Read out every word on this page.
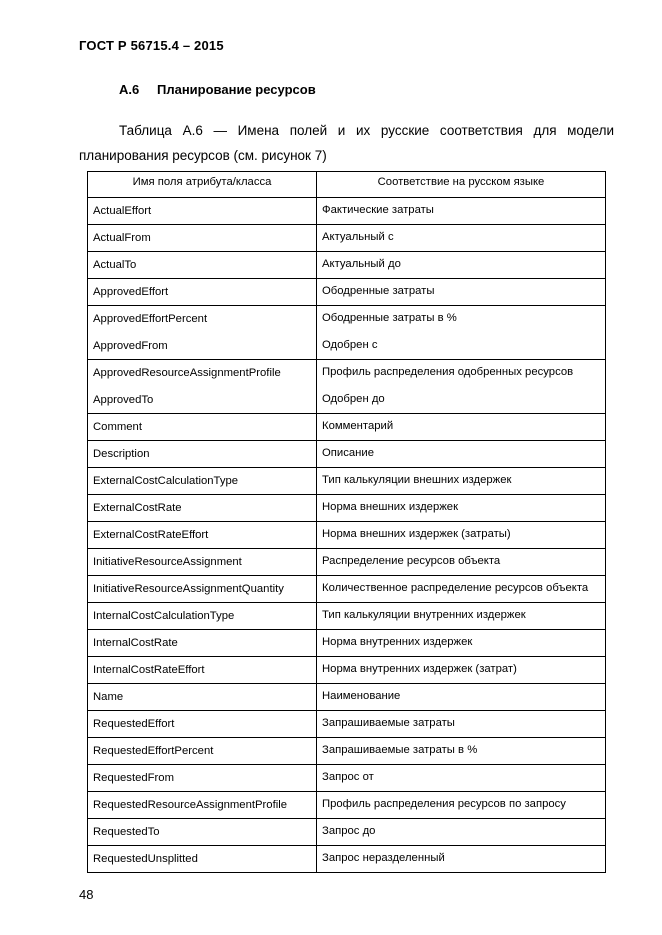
ГОСТ Р 56715.4 – 2015
А.6 Планирование ресурсов
Таблица А.6 — Имена полей и их русские соответствия для модели планирования ресурсов (см. рисунок 7)
Имя поля атрибута/класса	Соответствие на русском языке
ActualEffort	Фактические затраты
ActualFrom	Актуальный с
ActualTo	Актуальный до
ApprovedEffort	Ободренные затраты
ApprovedEffortPercent	Ободренные затраты в %
ApprovedFrom	Одобрен с
ApprovedResourceAssignmentProfile	Профиль распределения одобренных ресурсов
ApprovedTo	Одобрен до
Comment	Комментарий
Description	Описание
ExternalCostCalculationType	Тип калькуляции внешних издержек
ExternalCostRate	Норма внешних издержек
ExternalCostRateEffort	Норма внешних издержек (затраты)
InitiativeResourceAssignment	Распределение ресурсов объекта
InitiativeResourceAssignmentQuantity	Количественное распределение ресурсов объекта
InternalCostCalculationType	Тип калькуляции внутренних издержек
InternalCostRate	Норма внутренних издержек
InternalCostRateEffort	Норма внутренних издержек (затрат)
Name	Наименование
RequestedEffort	Запрашиваемые затраты
RequestedEffortPercent	Запрашиваемые затраты в %
RequestedFrom	Запрос от
RequestedResourceAssignmentProfile	Профиль распределения ресурсов по запросу
RequestedTo	Запрос до
RequestedUnsplitted	Запрос неразделенный
48
